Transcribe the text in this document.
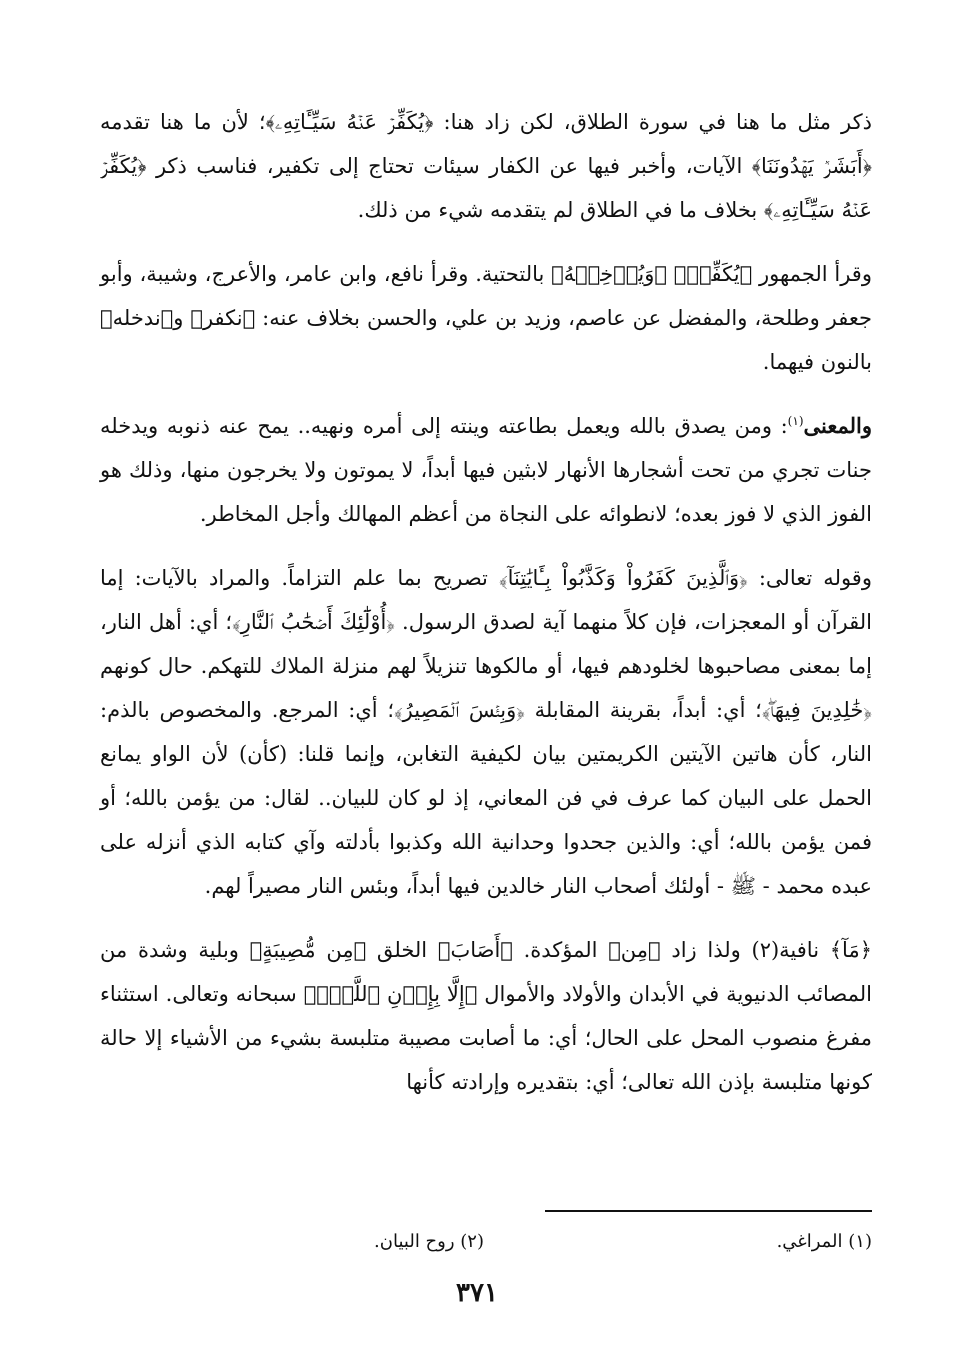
ذكر مثل ما هنا في سورة الطلاق، لكن زاد هنا: ﴿يُكَفِّرۡ عَنۡهُ سَيِّـَٔاتِهِۦ﴾؛ لأن ما هنا تقدمه ﴿أَبَشَرٞ يَهۡدُونَنَا﴾ الآيات، وأخبر فيها عن الكفار سيئات تحتاج إلى تكفير، فناسب ذكر ﴿يُكَفِّرۡ عَنۡهُ سَيِّـَٔاتِهِۦ﴾ بخلاف ما في الطلاق لم يتقدمه شيء من ذلك.

وقرأ الجمهور ﴿يُكَفِّرۡ﴾ ﴿وَيُدۡخِلۡهُ﴾ بالتحتية. وقرأ نافع، وابن عامر، والأعرج، وشيبة، وأبو جعفر وطلحة، والمفضل عن عاصم، وزيد بن علي، والحسن بخلاف عنه: ﴿نكفر﴾ و﴿ندخله﴾ بالنون فيهما.

والمعنى$^{(١)}$: ومن يصدق بالله ويعمل بطاعته وينته إلى أمره ونهيه.. يمح عنه ذنوبه ويدخله جنات تجري من تحت أشجارها الأنهار لابثين فيها أبداً، لا يموتون ولا يخرجون منها، وذلك هو الفوز الذي لا فوز بعده؛ لانطوائه على النجاة من أعظم المهالك وأجل المخاطر.

وقوله تعالى: ﴿وَٱلَّذِينَ كَفَرُواْ وَكَذَّبُواْ بِـَٔايَٰتِنَآ﴾ تصريح بما علم التزاماً. والمراد بالآيات: إما القرآن أو المعجزات، فإن كلاً منهما آية لصدق الرسول. ﴿أُوْلَٰٓئِكَ أَصۡحَٰبُ ٱلنَّارِ﴾؛ أي: أهل النار، إما بمعنى مصاحبوها لخلودهم فيها، أو مالكوها تنزيلاً لهم منزلة الملاك للتهكم. حال كونهم ﴿خَٰلِدِينَ فِيهَاۖ﴾؛ أي: أبداً، بقرينة المقابلة ﴿وَبِئۡسَ ٱلۡمَصِيرُ﴾؛ أي: المرجع. والمخصوص بالذم: النار، كأن هاتين الآيتين الكريمتين بيان لكيفية التغابن، وإنما قلنا: (كأن) لأن الواو يمانع الحمل على البيان كما عرف في فن المعاني، إذ لو كان للبيان.. لقال: من يؤمن بالله؛ أو فمن يؤمن بالله؛ أي: والذين جحدوا وحدانية الله وكذبوا بأدلته وآي كتابه الذي أنزله على عبده محمد - ﷺ - أولئك أصحاب النار خالدين فيها أبداً، وبئس النار مصيراً لهم.

﴿مَآ﴾ نافية(٢) ولذا زاد ﴿مِن﴾ المؤكدة. ﴿أَصَابَ﴾ الخلق ﴿مِن مُّصِيبَةٍ﴾ وبلية وشدة من المصائب الدنيوية في الأبدان والأولاد والأموال ﴿إِلَّا بِإِذۡنِ ٱللَّهِۗ﴾ سبحانه وتعالى. استثناء مفرغ منصوب المحل على الحال؛ أي: ما أصابت مصيبة متلبسة بشيء من الأشياء إلا حالة كونها متلبسة بإذن الله تعالى؛ أي: بتقديره وإرادته كأنها

(١) المراغي.
(٢) روح البيان.
٣٧١
